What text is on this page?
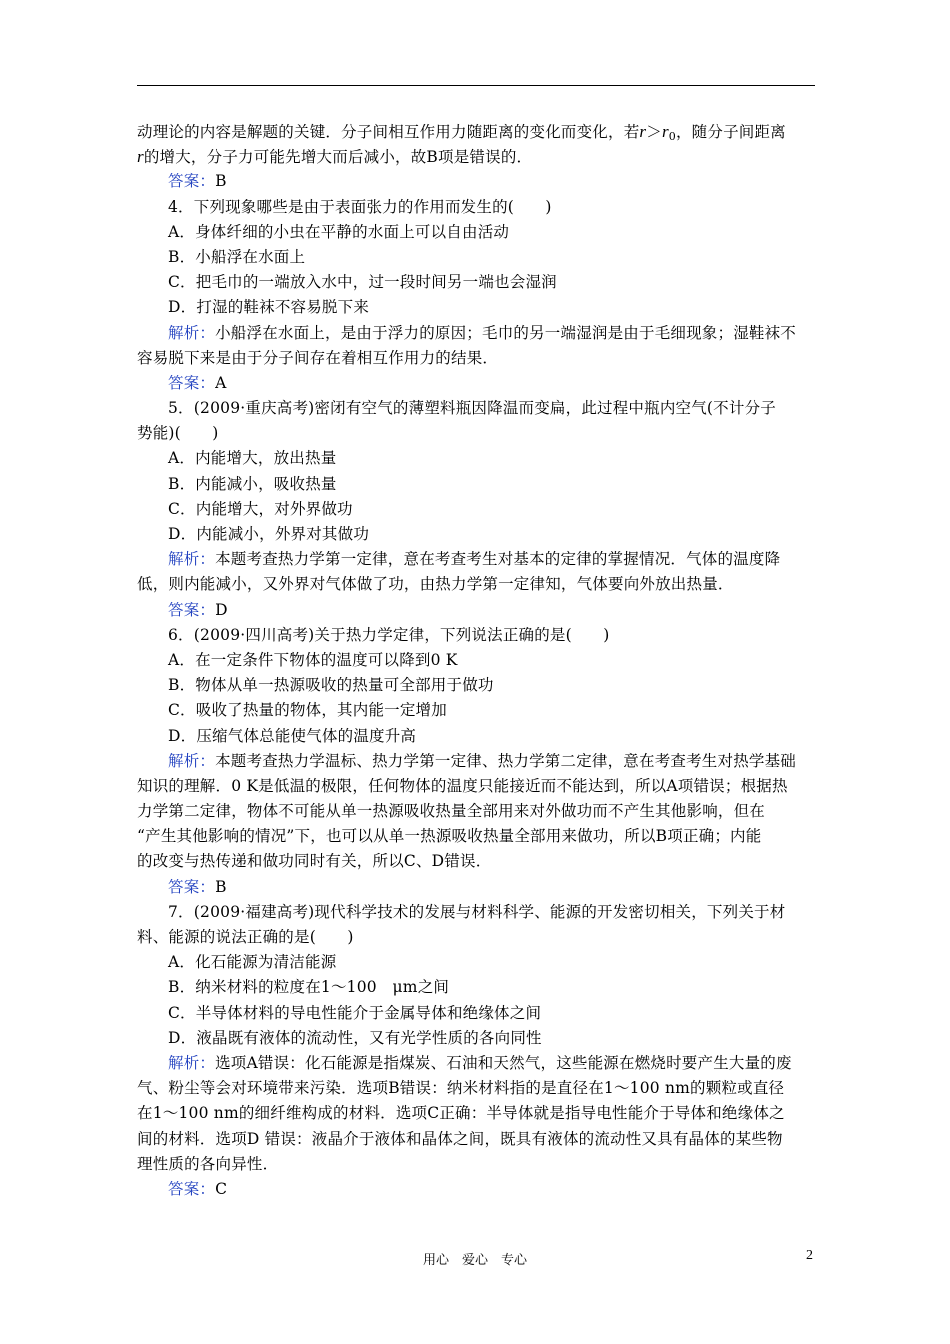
动理论的内容是解题的关键．分子间相互作用力随距离的变化而变化，若$r>r_0$，随分子间距离
r的增大，分子力可能先增大而后减小，故B项是错误的．
答案：B
4．下列现象哪些是由于表面张力的作用而发生的(　　)
A．身体纤细的小虫在平静的水面上可以自由活动
B．小船浮在水面上
C．把毛巾的一端放入水中，过一段时间另一端也会湿润
D．打湿的鞋袜不容易脱下来
解析：小船浮在水面上，是由于浮力的原因；毛巾的另一端湿润是由于毛细现象；湿鞋袜不
容易脱下来是由于分子间存在着相互作用力的结果．
答案：A
5．(2009·重庆高考)密闭有空气的薄塑料瓶因降温而变扁，此过程中瓶内空气(不计分子
势能)(　　)
A．内能增大，放出热量
B．内能减小，吸收热量
C．内能增大，对外界做功
D．内能减小，外界对其做功
解析：本题考查热力学第一定律，意在考查考生对基本的定律的掌握情况．气体的温度降
低，则内能减小，又外界对气体做了功，由热力学第一定律知，气体要向外放出热量．
答案：D
6．(2009·四川高考)关于热力学定律，下列说法正确的是(　　)
A．在一定条件下物体的温度可以降到0 K
B．物体从单一热源吸收的热量可全部用于做功
C．吸收了热量的物体，其内能一定增加
D．压缩气体总能使气体的温度升高
解析：本题考查热力学温标、热力学第一定律、热力学第二定律，意在考查考生对热学基础
知识的理解．0 K是低温的极限，任何物体的温度只能接近而不能达到，所以A项错误；根据热
力学第二定律，物体不可能从单一热源吸收热量全部用来对外做功而不产生其他影响，但在
“产生其他影响的情况”下，也可以从单一热源吸收热量全部用来做功，所以B项正确；内能
的改变与热传递和做功同时有关，所以C、D错误．
答案：B
7．(2009·福建高考)现代科学技术的发展与材料科学、能源的开发密切相关，下列关于材
料、能源的说法正确的是(　　)
A．化石能源为清洁能源
B．纳米材料的粒度在1～100　μm之间
C．半导体材料的导电性能介于金属导体和绝缘体之间
D．液晶既有液体的流动性，又有光学性质的各向同性
解析：选项A错误：化石能源是指煤炭、石油和天然气，这些能源在燃烧时要产生大量的废
气、粉尘等会对环境带来污染．选项B错误：纳米材料指的是直径在1～100 nm的颗粒或直径
在1～100 nm的细纤维构成的材料．选项C正确：半导体就是指导电性能介于导体和绝缘体之
间的材料．选项D 错误：液晶介于液体和晶体之间，既具有液体的流动性又具有晶体的某些物
理性质的各向异性．
答案：C
用心　爱心　专心	2
